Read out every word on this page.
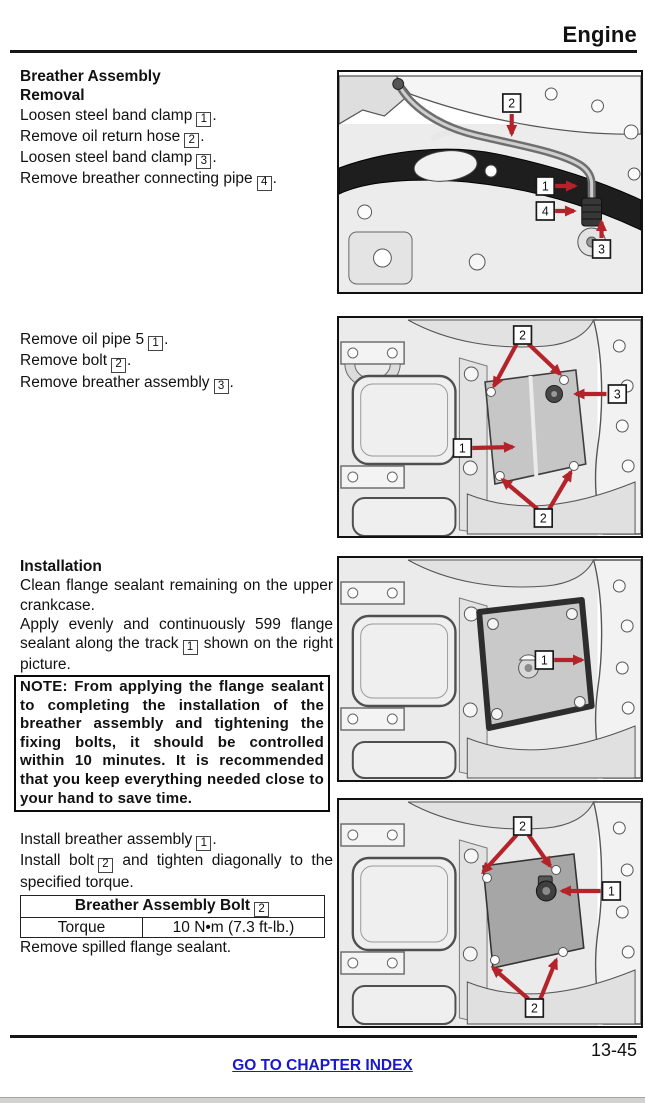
Engine
Breather Assembly
Removal
Loosen steel band clamp 1 .
Remove oil return hose 2 .
Loosen steel band clamp 3 .
Remove breather connecting pipe 4 .
Remove oil pipe 5 1 .
Remove bolt 2 .
Remove breather assembly 3 .
Installation
Clean flange sealant remaining on the upper crankcase.
Apply evenly and continuously 599 flange sealant along the track 1 shown on the right picture.
NOTE: From applying the flange sealant to completing the installation of the breather assembly and tightening the fixing bolts, it should be controlled within 10 minutes. It is recommended that you keep everything needed close to your hand to save time.
Install breather assembly 1 .
Install bolt 2 and tighten diagonally to the specified torque.
Breather Assembly Bolt 2
Torque	10 N•m (7.3 ft-lb.)
Remove spilled flange sealant.
2
1
4
3
2
3
1
2
1
2
1
2
13-45
GO TO CHAPTER INDEX
